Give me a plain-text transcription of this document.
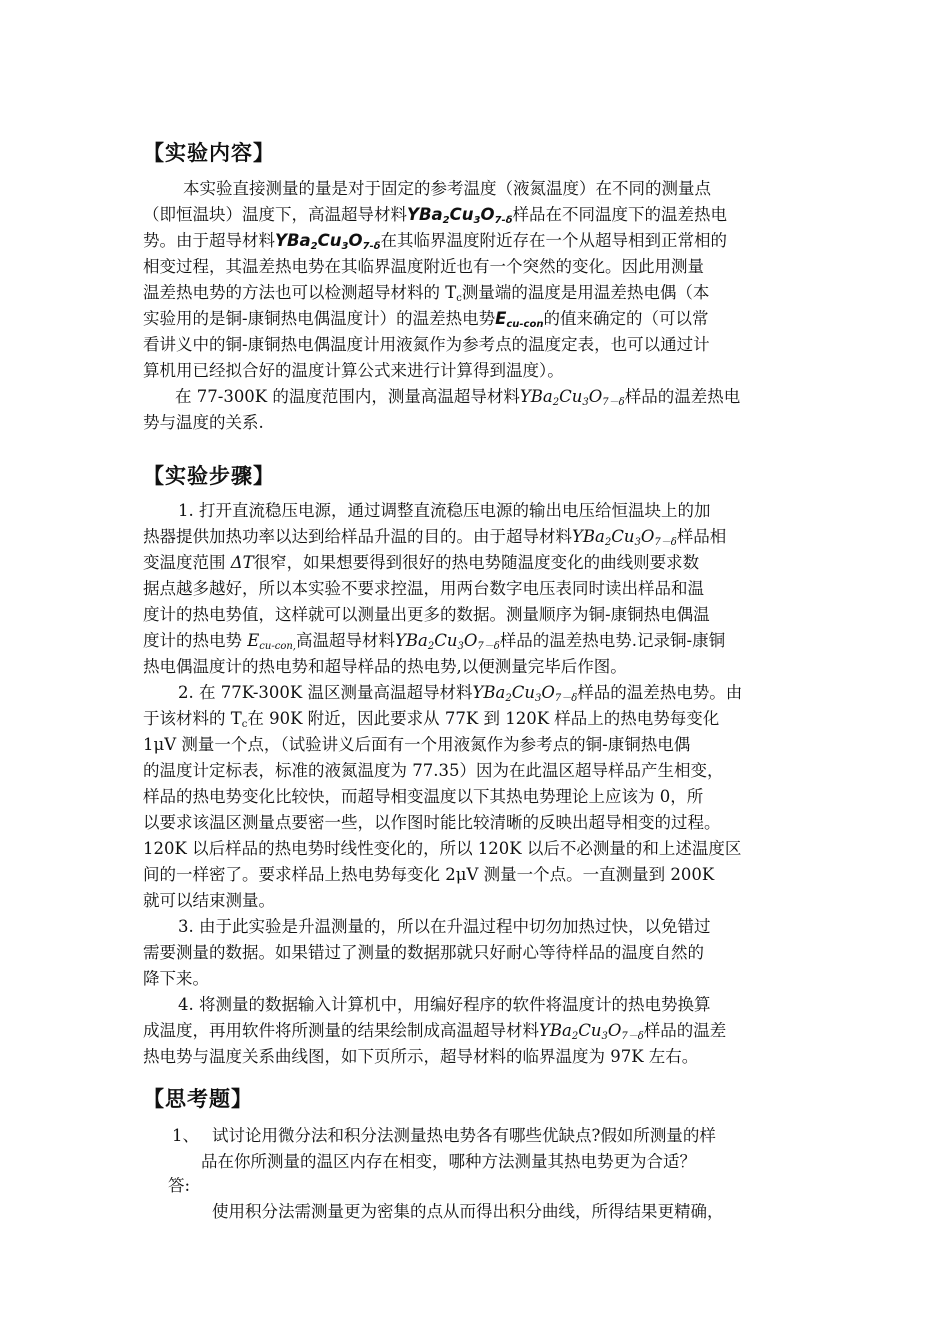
【实验内容】
本实验直接测量的量是对于固定的参考温度（液氮温度）在不同的测量点
（即恒温块）温度下，高温超导材料$YBa_2Cu_3O_{7-\delta}$样品在不同温度下的温差热电
势。由于超导材料$YBa_2Cu_3O_{7-\delta}$在其临界温度附近存在一个从超导相到正常相的
相变过程，其温差热电势在其临界温度附近也有一个突然的变化。因此用测量
温差热电势的方法也可以检测超导材料的 $T_c$测量端的温度是用温差热电偶（本
实验用的是铜-康铜热电偶温度计）的温差热电势$E_{cu-con}$的值来确定的（可以常
看讲义中的铜-康铜热电偶温度计用液氮作为参考点的温度定表，也可以通过计
算机用已经拟合好的温度计算公式来进行计算得到温度）。
在 77-300K 的温度范围内，测量高温超导材料$YBa_2Cu_3O_{7-\delta}$样品的温差热电
势与温度的关系.
【实验步骤】
1. 打开直流稳压电源，通过调整直流稳压电源的输出电压给恒温块上的加
热器提供加热功率以达到给样品升温的目的。由于超导材料$YBa_2Cu_3O_{7-\delta}$样品相
变温度范围 ΔT很窄，如果想要得到很好的热电势随温度变化的曲线则要求数
据点越多越好，所以本实验不要求控温，用两台数字电压表同时读出样品和温
度计的热电势值，这样就可以测量出更多的数据。测量顺序为铜-康铜热电偶温
度计的热电势 $E_{cu-con,}$高温超导材料$YBa_2Cu_3O_{7-\delta}$样品的温差热电势.记录铜-康铜
热电偶温度计的热电势和超导样品的热电势,以便测量完毕后作图。
2. 在 77K-300K 温区测量高温超导材料$YBa_2Cu_3O_{7-\delta}$样品的温差热电势。由
于该材料的 $T_c$在 90K 附近，因此要求从 77K 到 120K 样品上的热电势每变化
1μV 测量一个点，（试验讲义后面有一个用液氮作为参考点的铜-康铜热电偶
的温度计定标表，标准的液氮温度为 77.35）因为在此温区超导样品产生相变，
样品的热电势变化比较快，而超导相变温度以下其热电势理论上应该为 0，所
以要求该温区测量点要密一些，以作图时能比较清晰的反映出超导相变的过程。
120K 以后样品的热电势时线性变化的，所以 120K 以后不必测量的和上述温度区
间的一样密了。要求样品上热电势每变化 2μV 测量一个点。一直测量到 200K
就可以结束测量。
3. 由于此实验是升温测量的，所以在升温过程中切勿加热过快，以免错过
需要测量的数据。如果错过了测量的数据那就只好耐心等待样品的温度自然的
降下来。
4. 将测量的数据输入计算机中，用编好程序的软件将温度计的热电势换算
成温度，再用软件将所测量的结果绘制成高温超导材料$YBa_2Cu_3O_{7-\delta}$样品的温差
热电势与温度关系曲线图，如下页所示，超导材料的临界温度为 97K 左右。
【思考题】
1、 试讨论用微分法和积分法测量热电势各有哪些优缺点?假如所测量的样
品在你所测量的温区内存在相变，哪种方法测量其热电势更为合适？
答:
使用积分法需测量更为密集的点从而得出积分曲线，所得结果更精确，
